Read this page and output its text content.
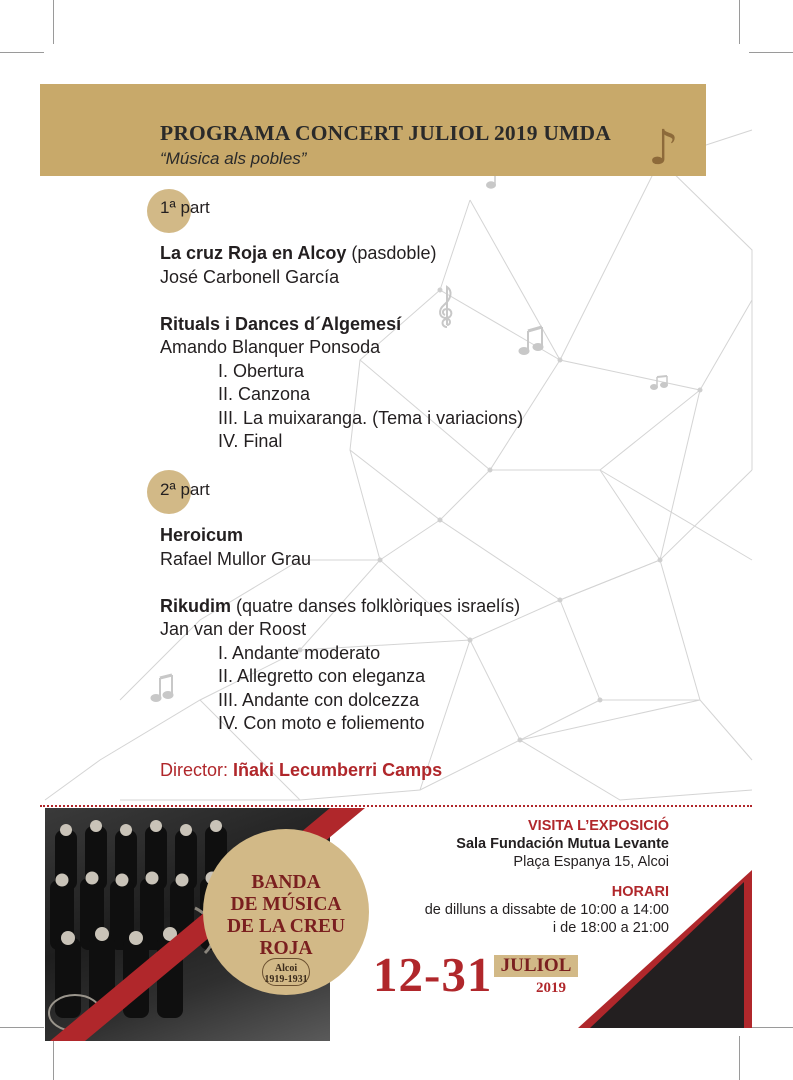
PROGRAMA CONCERT JULIOL 2019 UMDA
“Música als pobles”	♪
1ª part
La cruz Roja en Alcoy (pasdoble)
José Carbonell García
Rituals i Dances d´Algemesí
Amando Blanquer Ponsoda
I. Obertura
II. Canzona
III. La muixaranga. (Tema i variacions)
IV. Final
2ª part
Heroicum
Rafael Mullor Grau
Rikudim (quatre danses folklòriques israelís)
Jan van der Roost
I. Andante moderato
II. Allegretto con eleganza
III. Andante con dolcezza
IV. Con moto e foliemento
Director: Iñaki Lecumberri Camps
BANDA
DE MÚSICA
DE LA CREU
ROJA
Alcoi
1919-1931
VISITA L’EXPOSICIÓ
Sala Fundación Mutua Levante
Plaça Espanya 15, Alcoi
HORARI
de dilluns a dissabte de 10:00 a 14:00
i de 18:00 a 21:00
12-31 JULIOL
2019
